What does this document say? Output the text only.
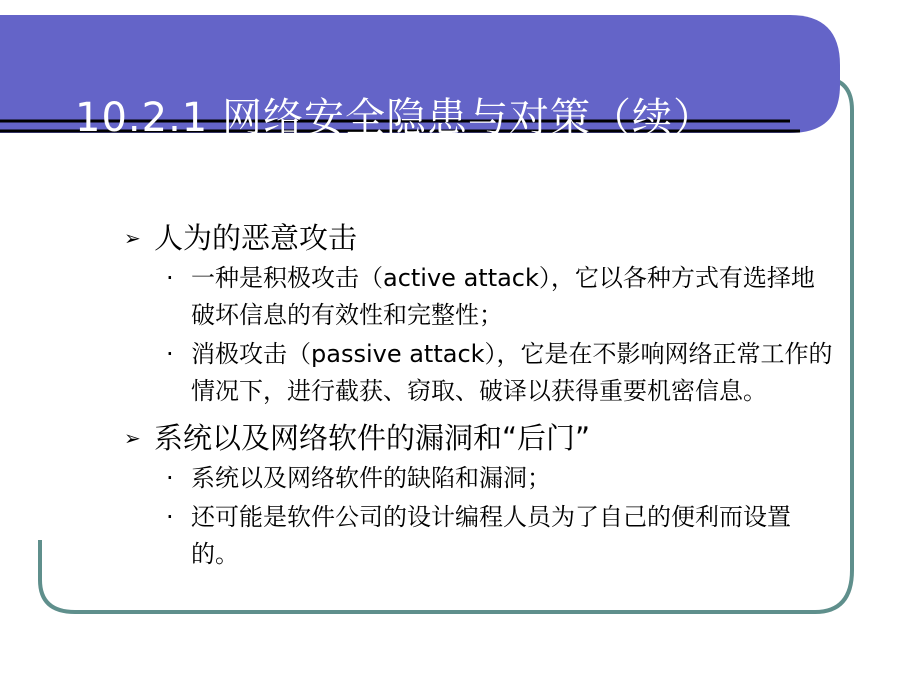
10.2.1 网络安全隐患与对策（续）
➢ 人为的恶意攻击
· 一种是积极攻击（active attack），它以各种方式有选择地破坏信息的有效性和完整性；
· 消极攻击（passive attack），它是在不影响网络正常工作的情况下，进行截获、窃取、破译以获得重要机密信息。
➢ 系统以及网络软件的漏洞和“后门”
· 系统以及网络软件的缺陷和漏洞；
· 还可能是软件公司的设计编程人员为了自己的便利而设置的。
